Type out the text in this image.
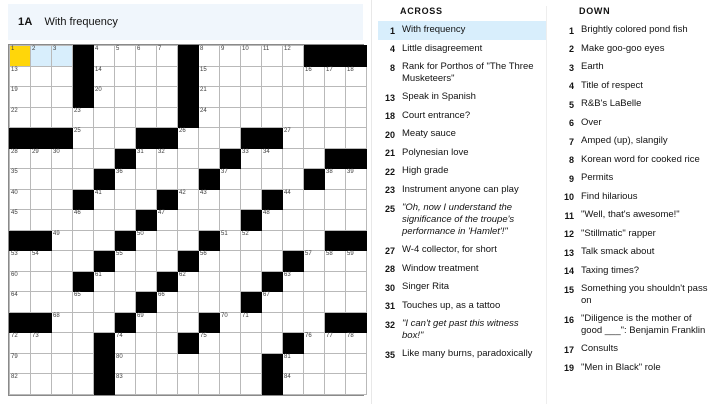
1A With frequency
1	2	3		4	5	6	7		8	9	10	11	12			

13				14					15					16	17	18

19				20					21							

22			23						24							

			25					26					27			

28	29	30				31	32				33	34				

35					36					37					38	39

40				41				42	43				44			

45			46				47					48				

		49				50				51	52					

53	54				55				56					57	58	59

60				61				62					63			

64			65				66					67				

		68				69				70	71					

72	73				74				75					76	77	78

79					80								81			

82					83								84			

ACROSS
1 With frequency
4 Little disagreement
8 Rank for Porthos of "The Three Musketeers"
13 Speak in Spanish
18 Court entrance?
20 Meaty sauce
21 Polynesian love
22 High grade
23 Instrument anyone can play
25 "Oh, now I understand the significance of the troupe's performance in 'Hamlet'!"
27 W-4 collector, for short
28 Window treatment
30 Singer Rita
31 Touches up, as a tattoo
32 "I can't get past this witness box!"
35 Like many burns, paradoxically
DOWN
1 Brightly colored pond fish
2 Make goo-goo eyes
3 Earth
4 Title of respect
5 R&B's LaBelle
6 Over
7 Amped (up), slangily
8 Korean word for cooked rice
9 Permits
10 Find hilarious
11 "Well, that's awesome!"
12 "Stillmatic" rapper
13 Talk smack about
14 Taxing times?
15 Something you shouldn't pass on
16 "Diligence is the mother of good ___": Benjamin Franklin
17 Consults
19 "Men in Black" role
